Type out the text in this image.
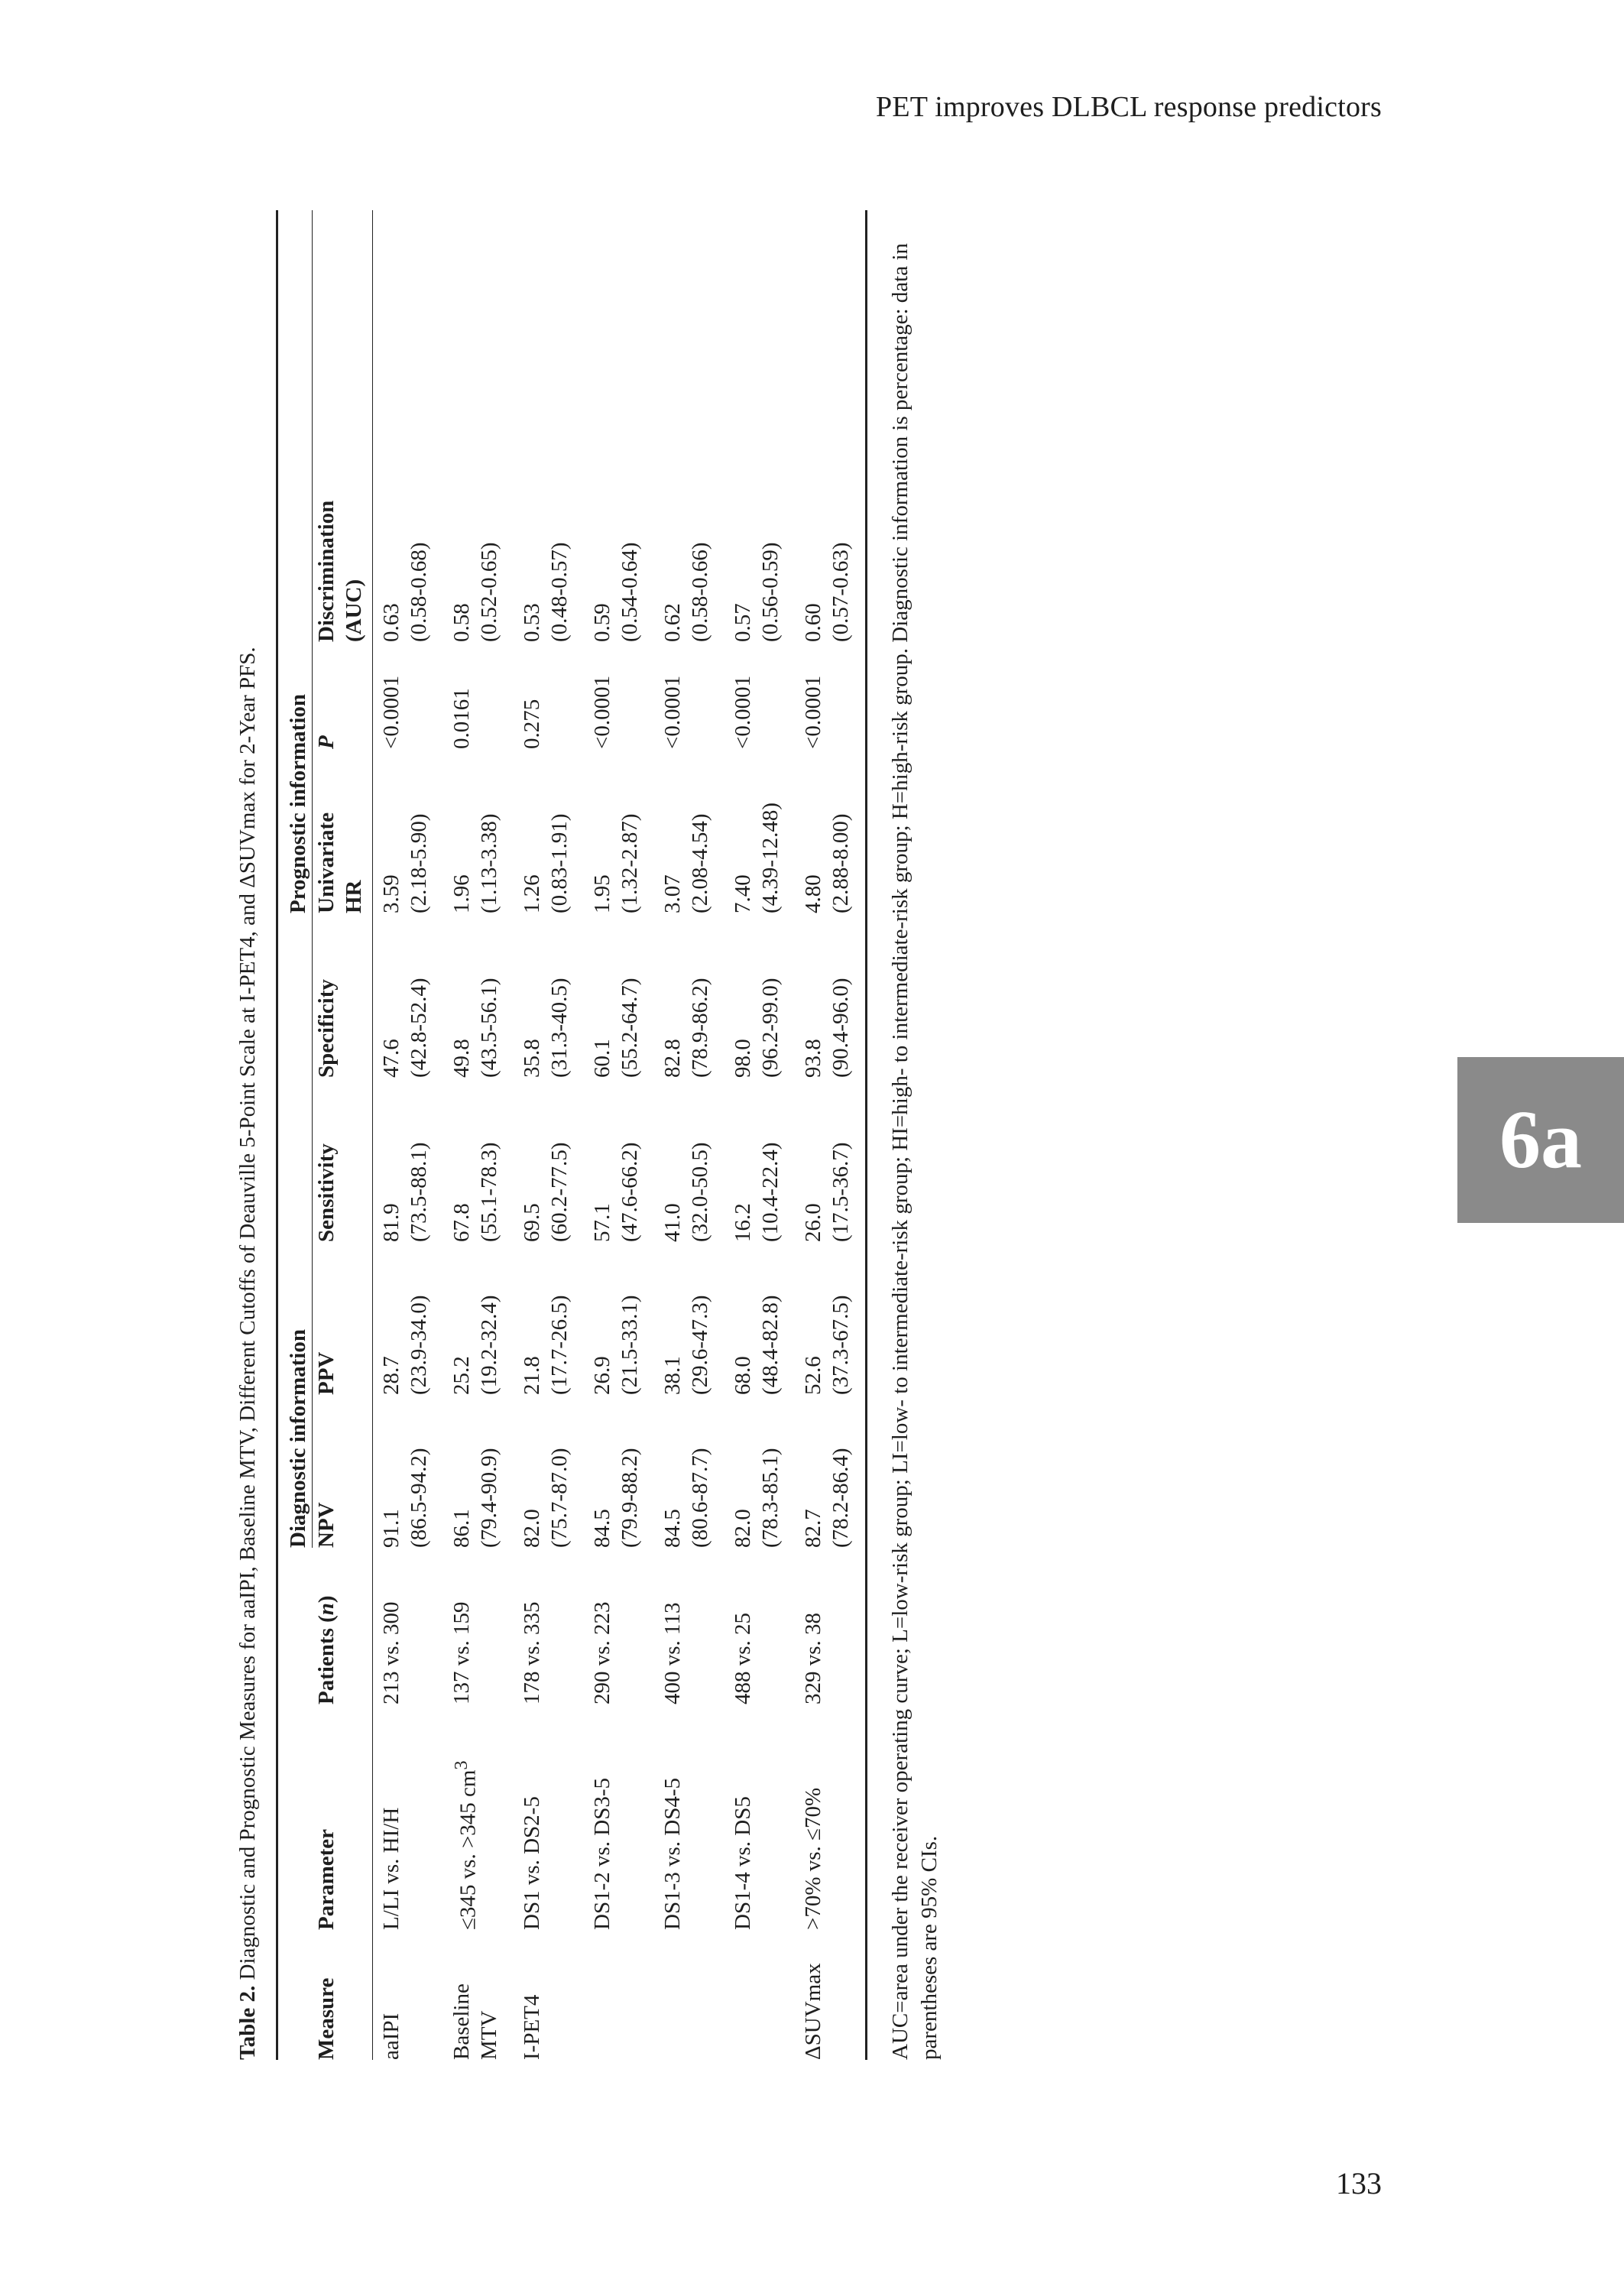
PET improves DLBCL response predictors
6a
133
Table 2. Diagnostic and Prognostic Measures for aaIPI, Baseline MTV, Different Cutoffs of Deauville 5-Point Scale at I-PET4, and ΔSUVmax for 2-Year PFS.
			Diagnostic information				Prognostic information		
Measure	Parameter	Patients (n)	NPV	PPV	Sensitivity	Specificity	Univariate HR	P	Discrimination (AUC)

aaIPI	L/LI vs. HI/H	213 vs. 300	91.1 (86.5-94.2)	28.7 (23.9-34.0)	81.9 (73.5-88.1)	47.6 (42.8-52.4)	3.59 (2.18-5.90)	<0.0001	0.63 (0.58-0.68)

Baseline MTV	≤345 vs. >345 $cm^3$	137 vs. 159	86.1 (79.4-90.9)	25.2 (19.2-32.4)	67.8 (55.1-78.3)	49.8 (43.5-56.1)	1.96 (1.13-3.38)	0.0161	0.58 (0.52-0.65)

I-PET4	DS1 vs. DS2-5	178 vs. 335	82.0 (75.7-87.0)	21.8 (17.7-26.5)	69.5 (60.2-77.5)	35.8 (31.3-40.5)	1.26 (0.83-1.91)	0.275	0.53 (0.48-0.57)

	DS1-2 vs. DS3-5	290 vs. 223	84.5 (79.9-88.2)	26.9 (21.5-33.1)	57.1 (47.6-66.2)	60.1 (55.2-64.7)	1.95 (1.32-2.87)	<0.0001	0.59 (0.54-0.64)

	DS1-3 vs. DS4-5	400 vs. 113	84.5 (80.6-87.7)	38.1 (29.6-47.3)	41.0 (32.0-50.5)	82.8 (78.9-86.2)	3.07 (2.08-4.54)	<0.0001	0.62 (0.58-0.66)

	DS1-4 vs. DS5	488 vs. 25	82.0 (78.3-85.1)	68.0 (48.4-82.8)	16.2 (10.4-22.4)	98.0 (96.2-99.0)	7.40 (4.39-12.48)	<0.0001	0.57 (0.56-0.59)

ΔSUVmax	>70% vs. ≤70%	329 vs. 38	82.7 (78.2-86.4)	52.6 (37.3-67.5)	26.0 (17.5-36.7)	93.8 (90.4-96.0)	4.80 (2.88-8.00)	<0.0001	0.60 (0.57-0.63) AUC=area under the receiver operating curve; L=low-risk group; LI=low- to intermediate-risk group; HI=high- to intermediate-risk group; H=high-risk group. Diagnostic information is percentage: data in parentheses are 95% CIs.
